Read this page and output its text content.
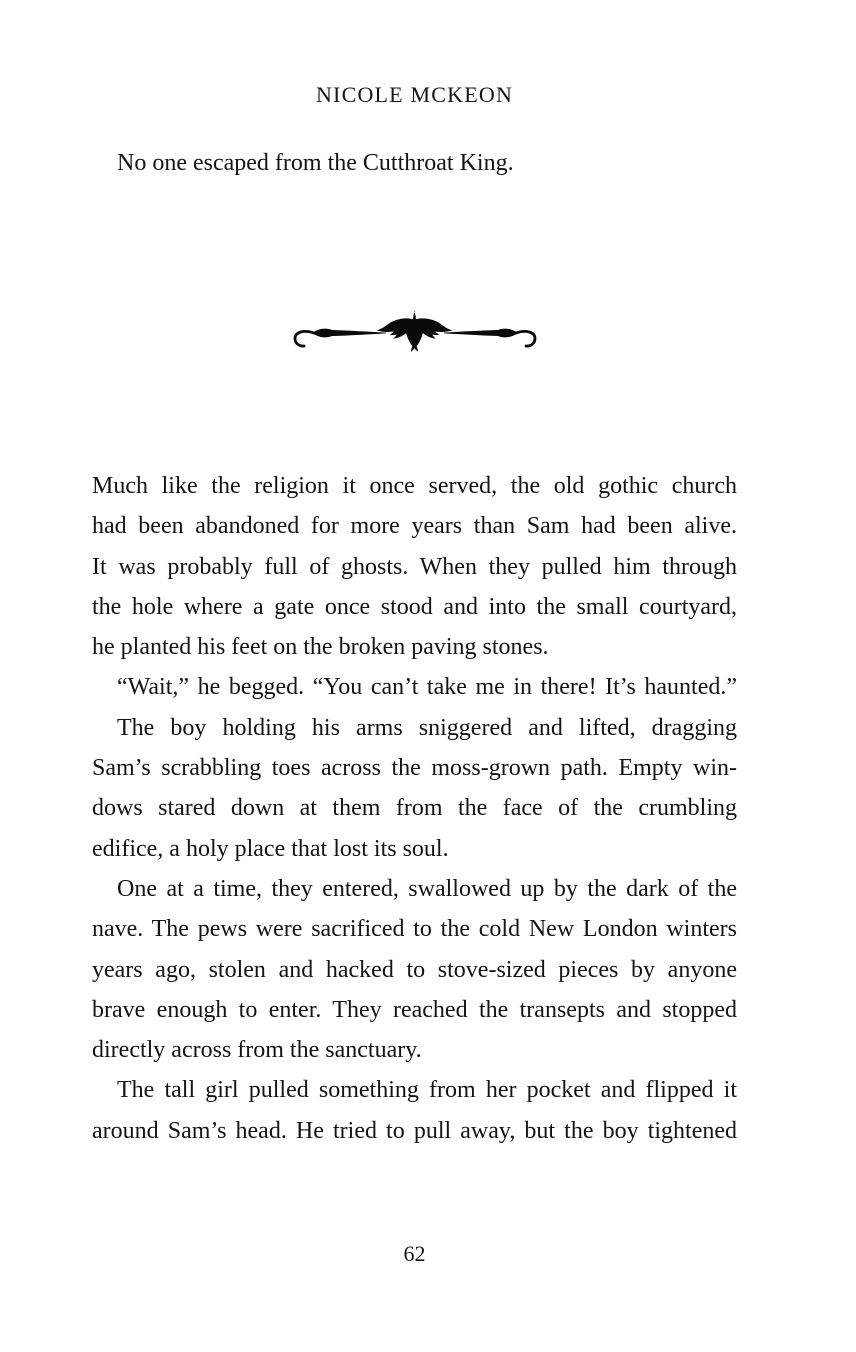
NICOLE MCKEON
No one escaped from the Cutthroat King.
Much like the religion it once served, the old gothic church
had been abandoned for more years than Sam had been alive.
It was probably full of ghosts. When they pulled him through
the hole where a gate once stood and into the small courtyard,
he planted his feet on the broken paving stones.
“Wait,” he begged. “You can’t take me in there! It’s haunted.”
The boy holding his arms sniggered and lifted, dragging
Sam’s scrabbling toes across the moss-grown path. Empty win-
dows stared down at them from the face of the crumbling
edifice, a holy place that lost its soul.
One at a time, they entered, swallowed up by the dark of the
nave. The pews were sacrificed to the cold New London winters
years ago, stolen and hacked to stove-sized pieces by anyone
brave enough to enter. They reached the transepts and stopped
directly across from the sanctuary.
The tall girl pulled something from her pocket and flipped it
around Sam’s head. He tried to pull away, but the boy tightened
62
